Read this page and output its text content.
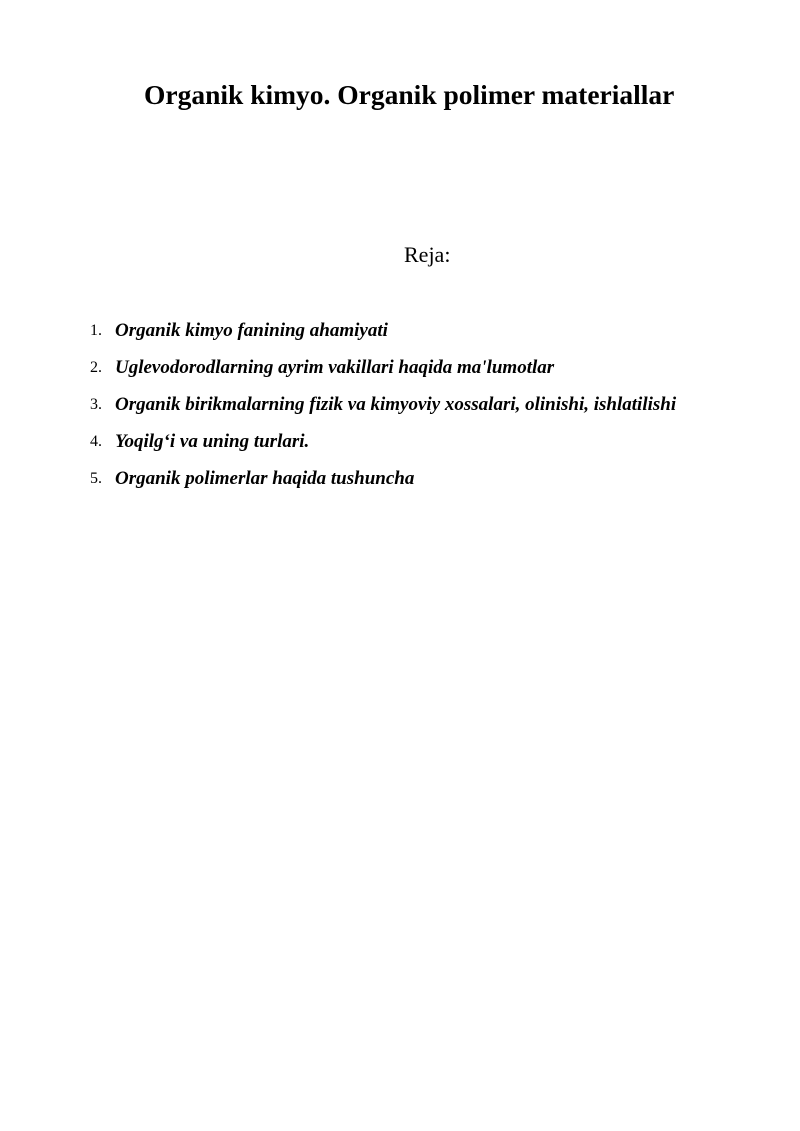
Organik kimyo. Organik polimer materiallar
Reja:
1. Organik kimyo fanining ahamiyati
2. Uglevodorodlarning ayrim vakillari haqida ma'lumotlar
3. Organik birikmalarning fizik va kimyoviy xossalari, olinishi, ishlatilishi
4. Yoqilg‘i va uning turlari.
5. Organik polimerlar haqida tushuncha
